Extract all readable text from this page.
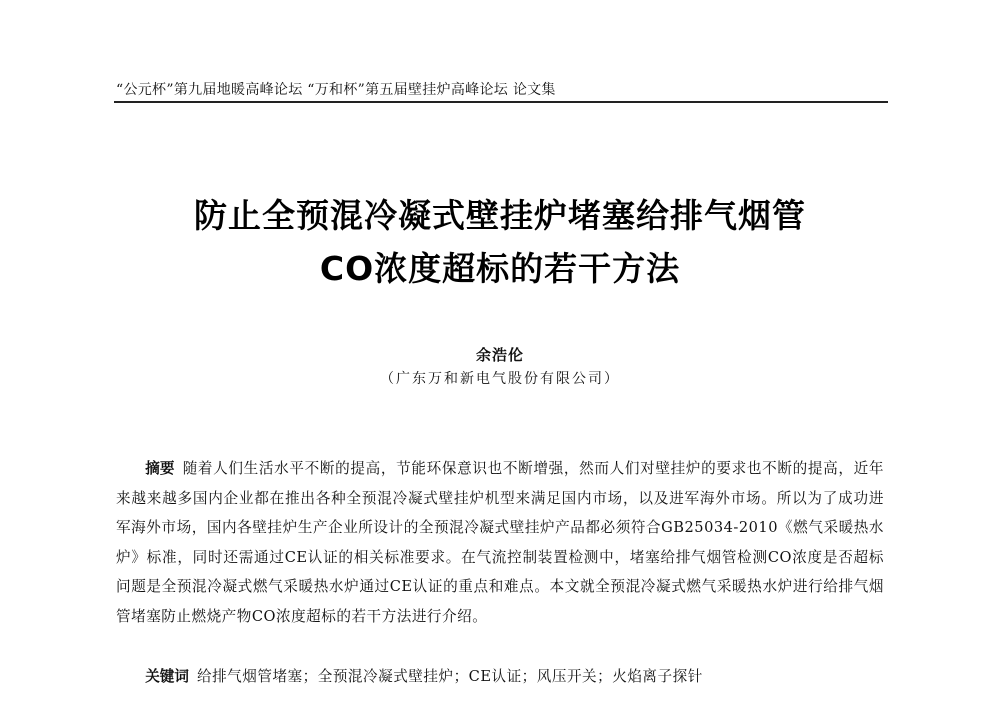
“公元杯”第九届地暖高峰论坛 “万和杯”第五届壁挂炉高峰论坛 论文集
防止全预混冷凝式壁挂炉堵塞给排气烟管
CO浓度超标的若干方法
余浩伦
（广东万和新电气股份有限公司）
摘要 随着人们生活水平不断的提高，节能环保意识也不断增强，然而人们对壁挂炉的要求也不断的提高，近年来越来越多国内企业都在推出各种全预混冷凝式壁挂炉机型来满足国内市场，以及进军海外市场。所以为了成功进军海外市场，国内各壁挂炉生产企业所设计的全预混冷凝式壁挂炉产品都必须符合GB25034-2010《燃气采暖热水炉》标准，同时还需通过CE认证的相关标准要求。在气流控制装置检测中，堵塞给排气烟管检测CO浓度是否超标问题是全预混冷凝式燃气采暖热水炉通过CE认证的重点和难点。本文就全预混冷凝式燃气采暖热水炉进行给排气烟管堵塞防止燃烧产物CO浓度超标的若干方法进行介绍。
关键词 给排气烟管堵塞；全预混冷凝式壁挂炉；CE认证；风压开关；火焰离子探针
